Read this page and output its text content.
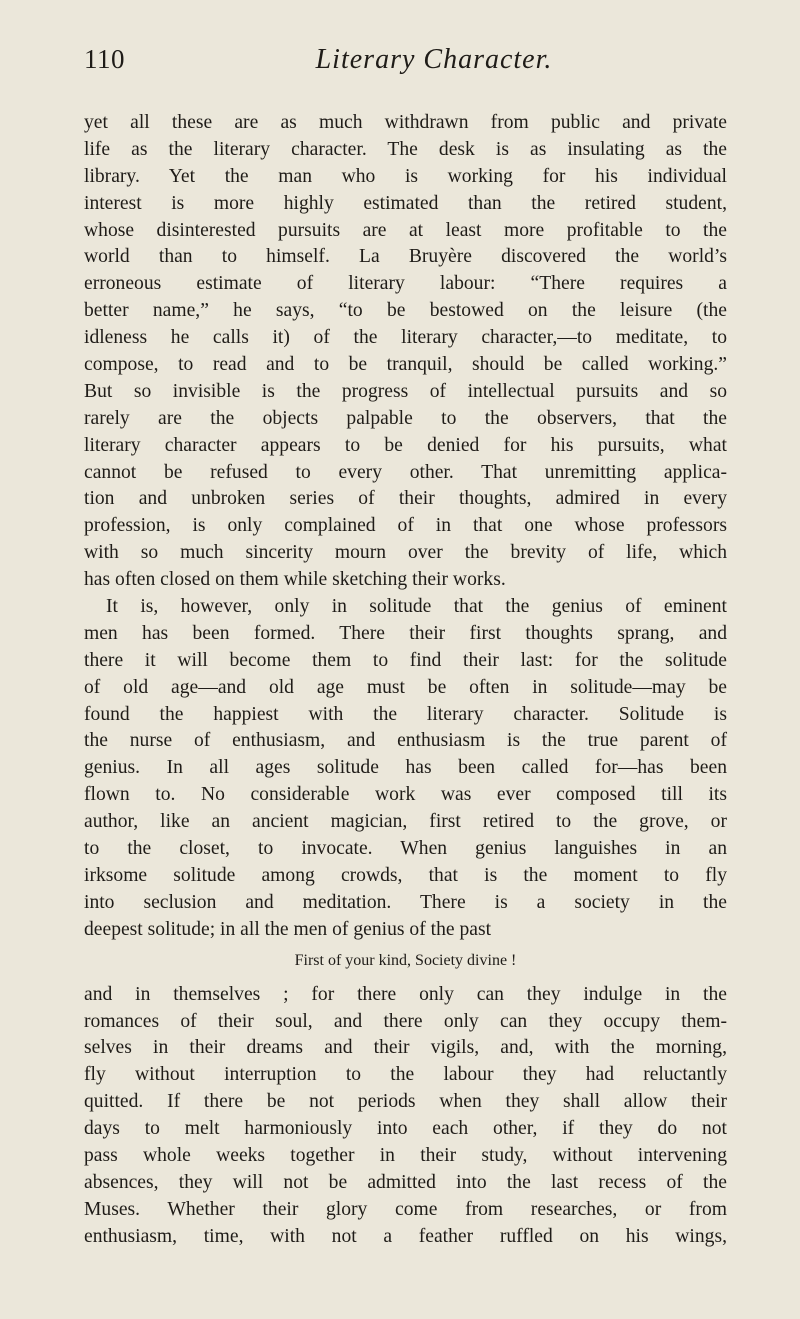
110	Literary Character.
yet all these are as much withdrawn from public and private
life as the literary character. The desk is as insulating as the
library. Yet the man who is working for his individual
interest is more highly estimated than the retired student,
whose disinterested pursuits are at least more profitable to the
world than to himself. La Bruyère discovered the world’s
erroneous estimate of literary labour: “There requires a
better name,” he says, “to be bestowed on the leisure (the
idleness he calls it) of the literary character,—to meditate, to
compose, to read and to be tranquil, should be called working.”
But so invisible is the progress of intellectual pursuits and so
rarely are the objects palpable to the observers, that the
literary character appears to be denied for his pursuits, what
cannot be refused to every other. That unremitting applica-
tion and unbroken series of their thoughts, admired in every
profession, is only complained of in that one whose professors
with so much sincerity mourn over the brevity of life, which
has often closed on them while sketching their works.
It is, however, only in solitude that the genius of eminent
men has been formed. There their first thoughts sprang, and
there it will become them to find their last: for the solitude
of old age—and old age must be often in solitude—may be
found the happiest with the literary character. Solitude is
the nurse of enthusiasm, and enthusiasm is the true parent of
genius. In all ages solitude has been called for—has been
flown to. No considerable work was ever composed till its
author, like an ancient magician, first retired to the grove, or
to the closet, to invocate. When genius languishes in an
irksome solitude among crowds, that is the moment to fly
into seclusion and meditation. There is a society in the
deepest solitude; in all the men of genius of the past
First of your kind, Society divine !
and in themselves ; for there only can they indulge in the
romances of their soul, and there only can they occupy them-
selves in their dreams and their vigils, and, with the morning,
fly without interruption to the labour they had reluctantly
quitted. If there be not periods when they shall allow their
days to melt harmoniously into each other, if they do not
pass whole weeks together in their study, without intervening
absences, they will not be admitted into the last recess of the
Muses. Whether their glory come from researches, or from
enthusiasm, time, with not a feather ruffled on his wings,
